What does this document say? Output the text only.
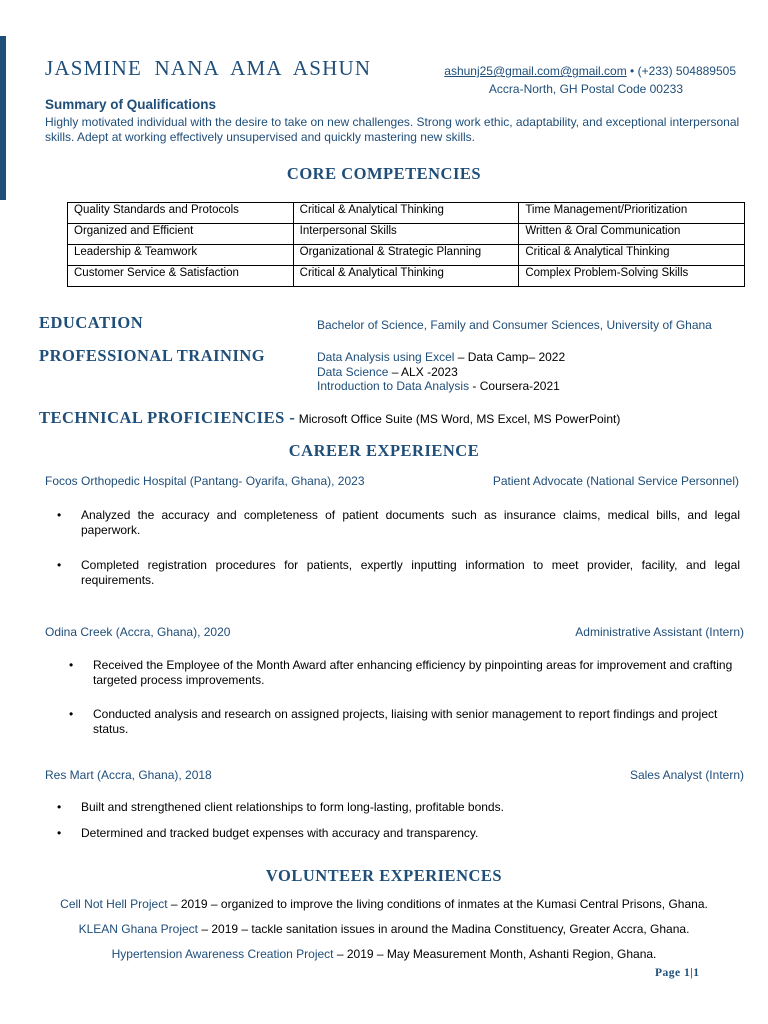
JASMINE NANA AMA ASHUN	ashunj25@gmail.com@gmail.com • (+233) 504889505
Accra-North, GH Postal Code 00233
Summary of Qualifications
Highly motivated individual with the desire to take on new challenges. Strong work ethic, adaptability, and exceptional interpersonal skills. Adept at working effectively unsupervised and quickly mastering new skills.
CORE COMPETENCIES
Quality Standards and Protocols	Critical & Analytical Thinking	Time Management/Prioritization
Organized and Efficient	Interpersonal Skills	Written & Oral Communication
Leadership & Teamwork	Organizational & Strategic Planning	Critical & Analytical Thinking
Customer Service & Satisfaction	Critical & Analytical Thinking	Complex Problem-Solving Skills
EDUCATION	Bachelor of Science, Family and Consumer Sciences, University of Ghana
PROFESSIONAL TRAINING	Data Analysis using Excel – Data Camp– 2022
Data Science – ALX -2023
Introduction to Data Analysis - Coursera-2021
TECHNICAL PROFICIENCIES - Microsoft Office Suite (MS Word, MS Excel, MS PowerPoint)
CAREER EXPERIENCE
Focos Orthopedic Hospital (Pantang- Oyarifa, Ghana), 2023	Patient Advocate (National Service Personnel)
• Analyzed the accuracy and completeness of patient documents such as insurance claims, medical bills, and legal paperwork.
• Completed registration procedures for patients, expertly inputting information to meet provider, facility, and legal requirements.
Odina Creek (Accra, Ghana), 2020	Administrative Assistant (Intern)
• Received the Employee of the Month Award after enhancing efficiency by pinpointing areas for improvement and crafting targeted process improvements.
• Conducted analysis and research on assigned projects, liaising with senior management to report findings and project status.
Res Mart (Accra, Ghana), 2018	Sales Analyst (Intern)
• Built and strengthened client relationships to form long-lasting, profitable bonds.
• Determined and tracked budget expenses with accuracy and transparency.
VOLUNTEER EXPERIENCES
Cell Not Hell Project – 2019 – organized to improve the living conditions of inmates at the Kumasi Central Prisons, Ghana.
KLEAN Ghana Project – 2019 – tackle sanitation issues in around the Madina Constituency, Greater Accra, Ghana.
Hypertension Awareness Creation Project – 2019 – May Measurement Month, Ashanti Region, Ghana.
Page 1|1
